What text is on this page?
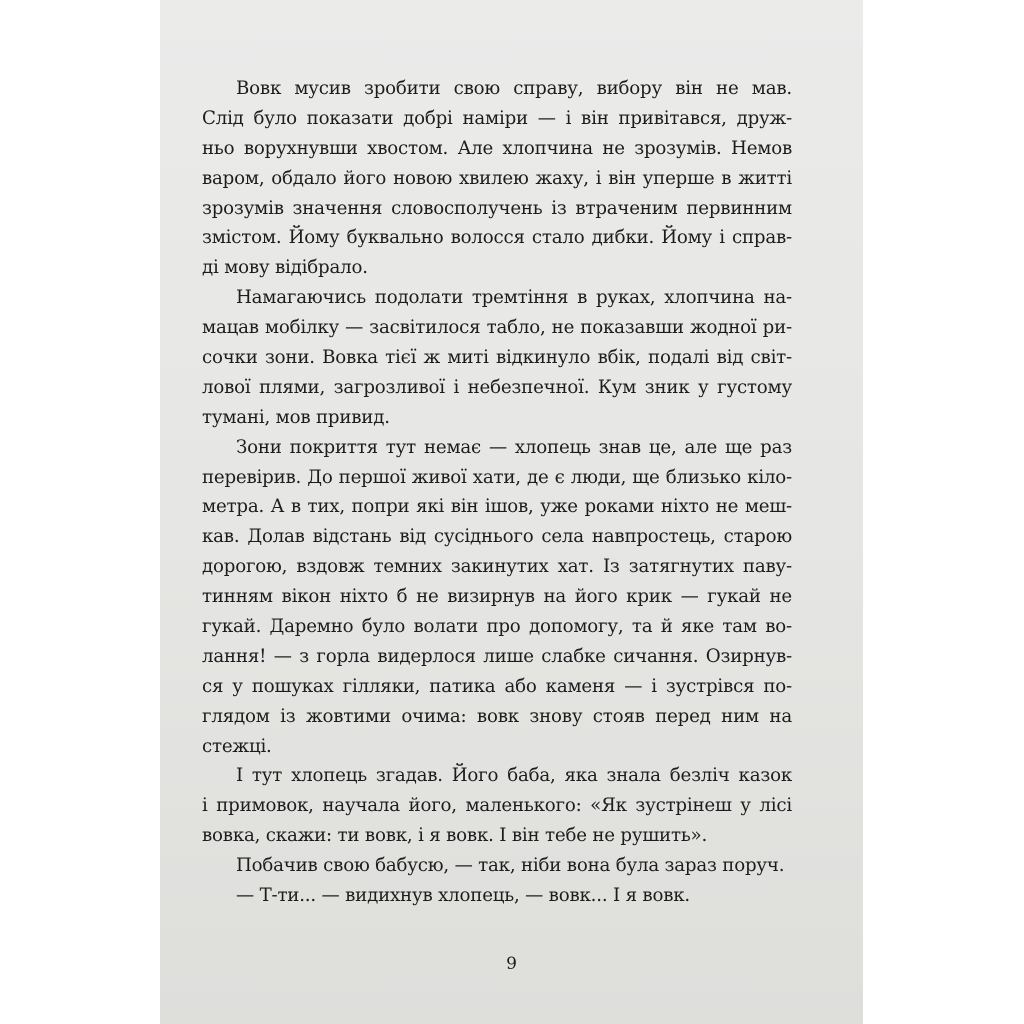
Вовк мусив зробити свою справу, вибору він не мав.
Слід було показати добрі наміри — і він привітався, друж-
ньо ворухнувши хвостом. Але хлопчина не зрозумів. Немов
варом, обдало його новою хвилею жаху, і він уперше в житті
зрозумів значення словосполучень із втраченим первинним
змістом. Йому буквально волосся стало дибки. Йому і справ-
ді мову відібрало.
Намагаючись подолати тремтіння в руках, хлопчина на-
мацав мобілку — засвітилося табло, не показавши жодної ри-
сочки зони. Вовка тієї ж миті відкинуло вбік, подалі від світ-
лової плями, загрозливої і небезпечної. Кум зник у густому
тумані, мов привид.
Зони покриття тут немає — хлопець знав це, але ще раз
перевірив. До першої живої хати, де є люди, ще близько кіло-
метра. А в тих, попри які він ішов, уже роками ніхто не меш-
кав. Долав відстань від сусіднього села навпростець, старою
дорогою, вздовж темних закинутих хат. Із затягнутих паву-
тинням вікон ніхто б не визирнув на його крик — гукай не
гукай. Даремно було волати про допомогу, та й яке там во-
лання! — з горла видерлося лише слабке сичання. Озирнув-
ся у пошуках гілляки, патика або каменя — і зустрівся по-
глядом із жовтими очима: вовк знову стояв перед ним на
стежці.
І тут хлопець згадав. Його баба, яка знала безліч казок
і примовок, научала його, маленького: «Як зустрінеш у лісі
вовка, скажи: ти вовк, і я вовк. І він тебе не рушить».
Побачив свою бабусю, — так, ніби вона була зараз поруч.
— Т-ти... — видихнув хлопець, — вовк... І я вовк.
9
